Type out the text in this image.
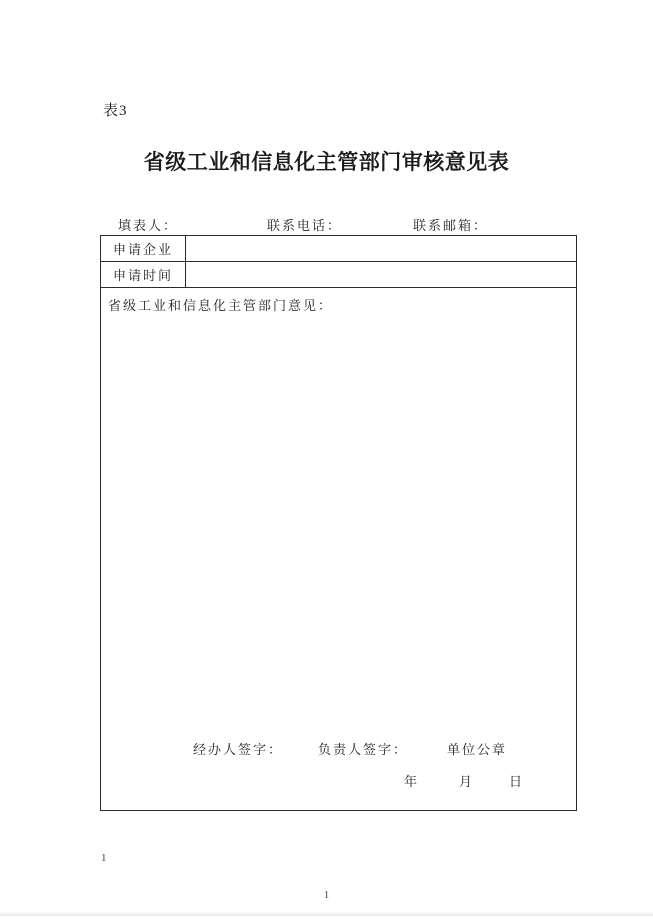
表3
省级工业和信息化主管部门审核意见表
填表人：	联系电话：	联系邮箱：
申请企业
申请时间
省级工业和信息化主管部门意见：
经办人签字：	负责人签字：	单位公章
年	月	日
1
1
